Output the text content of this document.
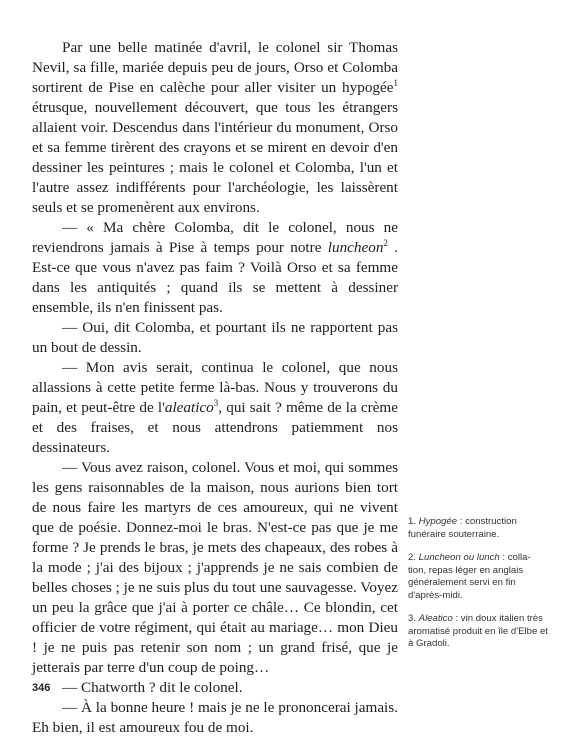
Par une belle matinée d'avril, le colonel sir Thomas Nevil, sa fille, mariée depuis peu de jours, Orso et Colomba sortirent de Pise en calèche pour aller visiter un hypogée$^1$ étrusque, nouvellement découvert, que tous les étrangers allaient voir. Descendus dans l'intérieur du monument, Orso et sa femme tirèrent des crayons et se mirent en devoir d'en dessiner les peintures ; mais le colonel et Colomba, l'un et l'autre assez indifférents pour l'archéologie, les laissèrent seuls et se promenèrent aux environs.

— « Ma chère Colomba, dit le colonel, nous ne reviendrons jamais à Pise à temps pour notre luncheon$^2$ . Est-ce que vous n'avez pas faim ? Voilà Orso et sa femme dans les antiquités ; quand ils se mettent à dessiner ensemble, ils n'en finissent pas.

— Oui, dit Colomba, et pourtant ils ne rapportent pas un bout de dessin.

— Mon avis serait, continua le colonel, que nous allassions à cette petite ferme là-bas. Nous y trouverons du pain, et peut-être de l'aleatico$^3$, qui sait ? même de la crème et des fraises, et nous attendrons patiemment nos dessinateurs.

— Vous avez raison, colonel. Vous et moi, qui sommes les gens raisonnables de la maison, nous aurions bien tort de nous faire les martyrs de ces amoureux, qui ne vivent que de poésie. Donnez-moi le bras. N'est-ce pas que je me forme ? Je prends le bras, je mets des chapeaux, des robes à la mode ; j'ai des bijoux ; j'apprends je ne sais combien de belles choses ; je ne suis plus du tout une sauvagesse. Voyez un peu la grâce que j'ai à porter ce châle… Ce blondin, cet officier de votre régiment, qui était au mariage… mon Dieu ! je ne puis pas retenir son nom ; un grand frisé, que je jetterais par terre d'un coup de poing…

— Chatworth ? dit le colonel.

— À la bonne heure ! mais je ne le prononcerai jamais. Eh bien, il est amoureux fou de moi.

1. Hypogée : construction funéraire souterraine.

2. Luncheon ou lunch : colla-tion, repas léger en anglais généralement servi en fin d'après-midi.

3. Aleatico : vin doux italien très aromatisé produit en île d'Elbe et à Gradoli.

346
